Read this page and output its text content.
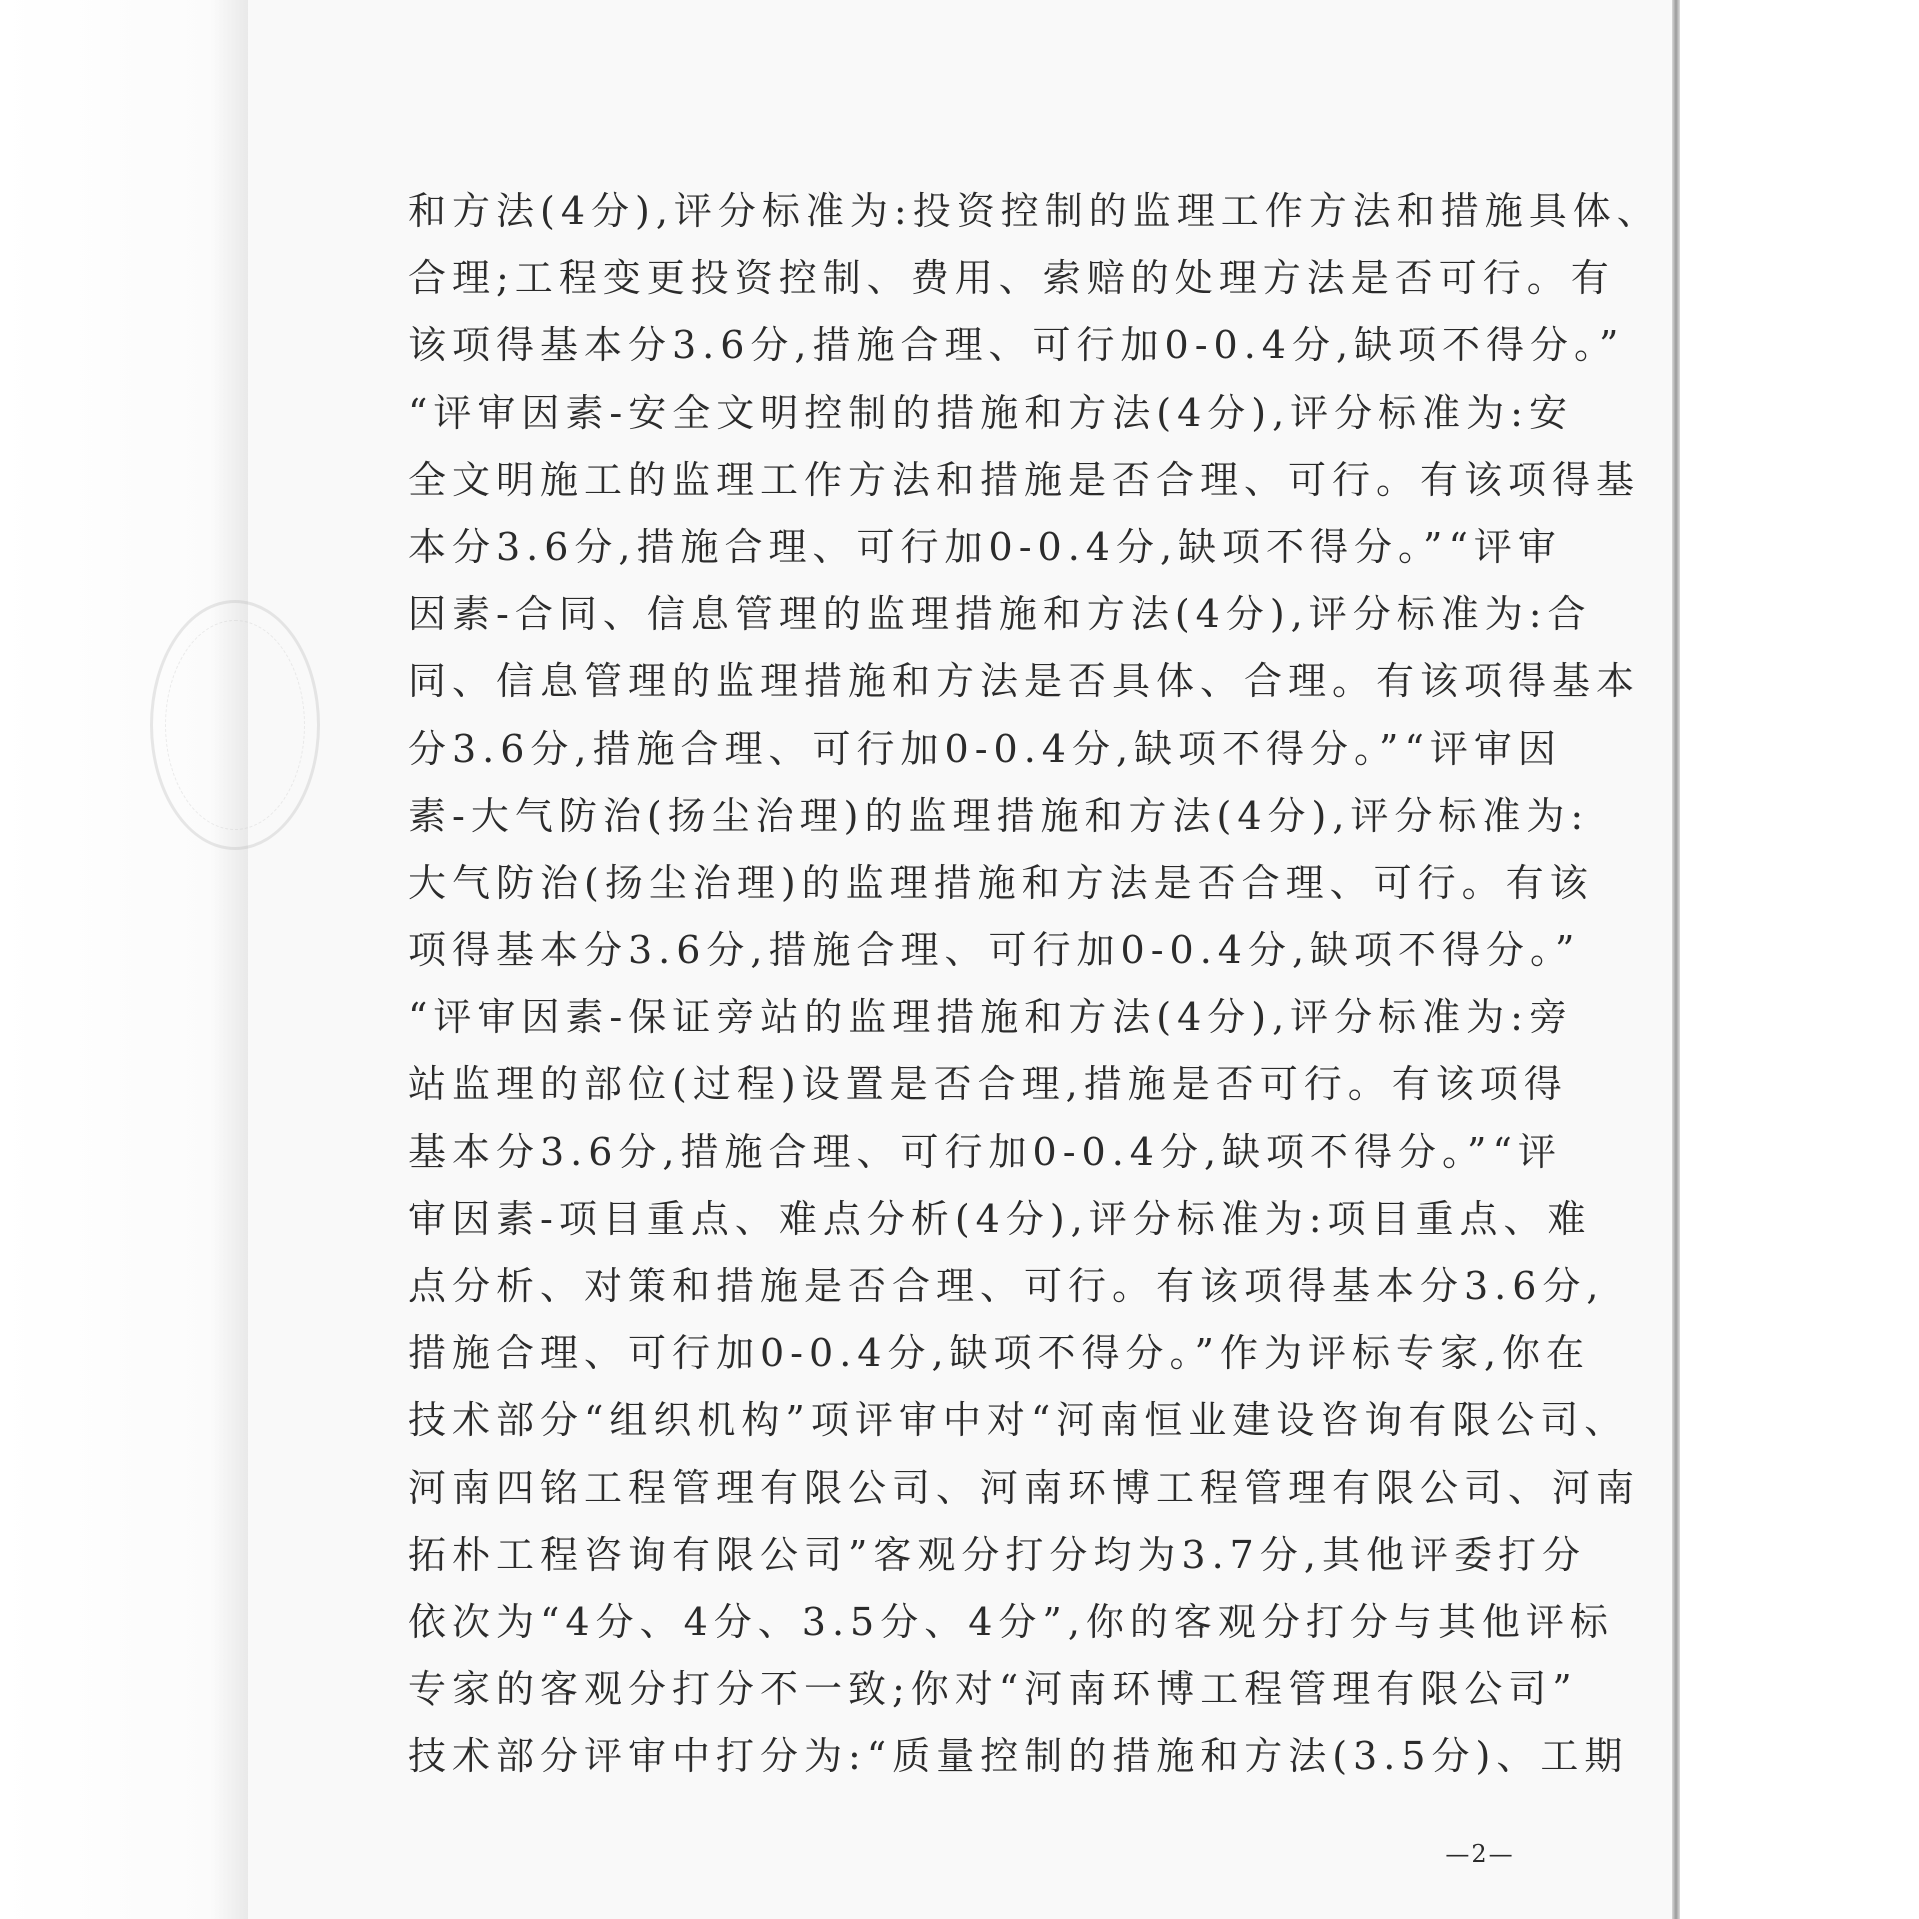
和方法(4分),评分标准为:投资控制的监理工作方法和措施具体、
合理;工程变更投资控制、费用、索赔的处理方法是否可行。有
该项得基本分3.6分,措施合理、可行加0-0.4分,缺项不得分。”
“评审因素-安全文明控制的措施和方法(4分),评分标准为:安
全文明施工的监理工作方法和措施是否合理、可行。有该项得基
本分3.6分,措施合理、可行加0-0.4分,缺项不得分。”“评审
因素-合同、信息管理的监理措施和方法(4分),评分标准为:合
同、信息管理的监理措施和方法是否具体、合理。有该项得基本
分3.6分,措施合理、可行加0-0.4分,缺项不得分。”“评审因
素-大气防治(扬尘治理)的监理措施和方法(4分),评分标准为:
大气防治(扬尘治理)的监理措施和方法是否合理、可行。有该
项得基本分3.6分,措施合理、可行加0-0.4分,缺项不得分。”
“评审因素-保证旁站的监理措施和方法(4分),评分标准为:旁
站监理的部位(过程)设置是否合理,措施是否可行。有该项得
基本分3.6分,措施合理、可行加0-0.4分,缺项不得分。”“评
审因素-项目重点、难点分析(4分),评分标准为:项目重点、难
点分析、对策和措施是否合理、可行。有该项得基本分3.6分,
措施合理、可行加0-0.4分,缺项不得分。”作为评标专家,你在
技术部分“组织机构”项评审中对“河南恒业建设咨询有限公司、
河南四铭工程管理有限公司、河南环博工程管理有限公司、河南
拓朴工程咨询有限公司”客观分打分均为3.7分,其他评委打分
依次为“4分、4分、3.5分、4分”,你的客观分打分与其他评标
专家的客观分打分不一致;你对“河南环博工程管理有限公司”
技术部分评审中打分为:“质量控制的措施和方法(3.5分)、工期
—2—
